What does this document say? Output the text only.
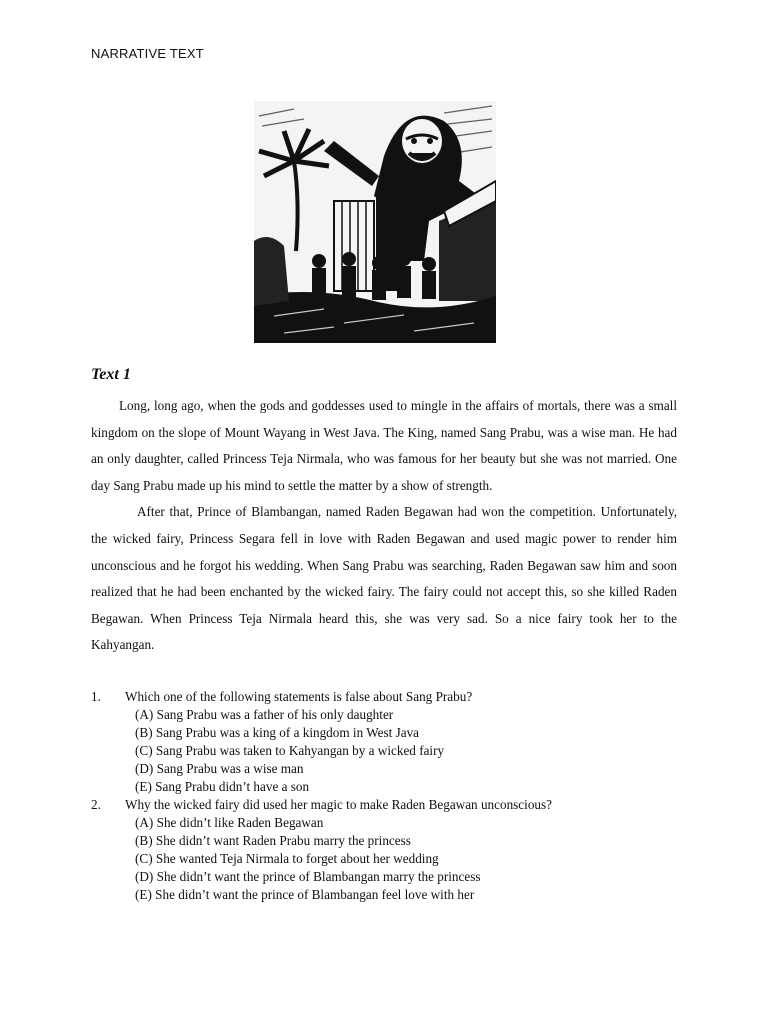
NARRATIVE TEXT
Text 1

Long, long ago, when the gods and goddesses used to mingle in the affairs of mortals, there was a small kingdom on the slope of Mount Wayang in West Java. The King, named Sang Prabu, was a wise man. He had an only daughter, called Princess Teja Nirmala, who was famous for her beauty but she was not married. One day Sang Prabu made up his mind to settle the matter by a show of strength.

After that, Prince of Blambangan, named Raden Begawan had won the competition. Unfortunately, the wicked fairy, Princess Segara fell in love with Raden Begawan and used magic power to render him unconscious and he forgot his wedding. When Sang Prabu was searching, Raden Begawan saw him and soon realized that he had been enchanted by the wicked fairy. The fairy could not accept this, so she killed Raden Begawan. When Princess Teja Nirmala heard this, she was very sad. So a nice fairy took her to the Kahyangan.

1.	Which one of the following statements is false about Sang Prabu?
(A) Sang Prabu was a father of his only daughter
(B) Sang Prabu was a king of a kingdom in West Java
(C) Sang Prabu was taken to Kahyangan by a wicked fairy
(D) Sang Prabu was a wise man
(E) Sang Prabu didn’t have a son
2.	Why the wicked fairy did used her magic to make Raden Begawan unconscious?
(A) She didn’t like Raden Begawan
(B) She didn’t want Raden Prabu marry the princess
(C) She wanted Teja Nirmala to forget about her wedding
(D) She didn’t want the prince of Blambangan marry the princess
(E) She didn’t want the prince of Blambangan feel love with her
